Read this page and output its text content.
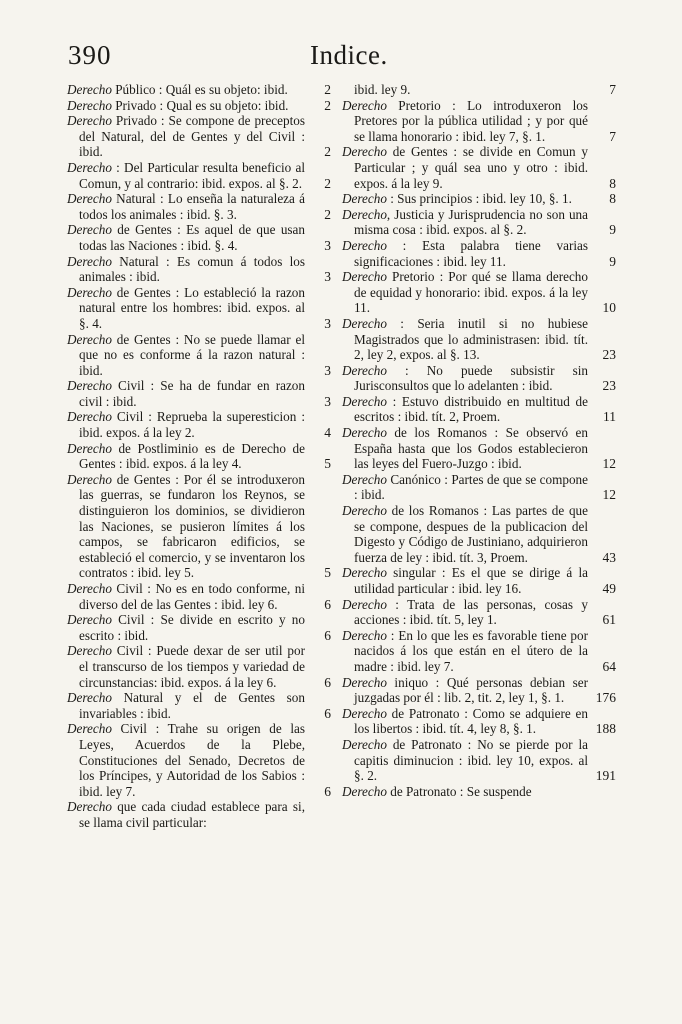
390	Indice.
Derecho Público : Quál es su objeto: ibid.	2
Derecho Privado : Qual es su objeto: ibid.	2
Derecho Privado : Se compone de preceptos del Natural, del de Gentes y del Civil : ibid.	2
Derecho : Del Particular resulta beneficio al Comun, y al contrario: ibid. expos. al §. 2.	2
Derecho Natural : Lo enseña la naturaleza á todos los animales : ibid. §. 3.	2
Derecho de Gentes : Es aquel de que usan todas las Naciones : ibid. §. 4.	3
Derecho Natural : Es comun á todos los animales : ibid.	3
Derecho de Gentes : Lo estableció la razon natural entre los hombres: ibid. expos. al §. 4.	3
Derecho de Gentes : No se puede llamar el que no es conforme á la razon natural : ibid.	3
Derecho Civil : Se ha de fundar en razon civil : ibid.	3
Derecho Civil : Reprueba la superesticion : ibid. expos. á la ley 2.	4
Derecho de Postliminio es de Derecho de Gentes : ibid. expos. á la ley 4.	5
Derecho de Gentes : Por él se introduxeron las guerras, se fundaron los Reynos, se distinguieron los dominios, se dividieron las Naciones, se pusieron límites á los campos, se fabricaron edificios, se estableció el comercio, y se inventaron los contratos : ibid. ley 5.	5
Derecho Civil : No es en todo conforme, ni diverso del de las Gentes : ibid. ley 6.	6
Derecho Civil : Se divide en escrito y no escrito : ibid.	6
Derecho Civil : Puede dexar de ser util por el transcurso de los tiempos y variedad de circunstancias: ibid. expos. á la ley 6.	6
Derecho Natural y el de Gentes son invariables : ibid.	6
Derecho Civil : Trahe su origen de las Leyes, Acuerdos de la Plebe, Constituciones del Senado, Decretos de los Príncipes, y Autoridad de los Sabios : ibid. ley 7.	6
Derecho que cada ciudad establece para si, se llama civil particular:
ibid. ley 9.	7
Derecho Pretorio : Lo introduxeron los Pretores por la pública utilidad ; y por qué se llama honorario : ibid. ley 7, §. 1.	7
Derecho de Gentes : se divide en Comun y Particular ; y quál sea uno y otro : ibid. expos. á la ley 9.	8
Derecho : Sus principios : ibid. ley 10, §. 1.	8
Derecho, Justicia y Jurisprudencia no son una misma cosa : ibid. expos. al §. 2.	9
Derecho : Esta palabra tiene varias significaciones : ibid. ley 11.	9
Derecho Pretorio : Por qué se llama derecho de equidad y honorario: ibid. expos. á la ley 11.	10
Derecho : Seria inutil si no hubiese Magistrados que lo administrasen: ibid. tít. 2, ley 2, expos. al §. 13.	23
Derecho : No puede subsistir sin Jurisconsultos que lo adelanten : ibid.	23
Derecho : Estuvo distribuido en multitud de escritos : ibid. tít. 2, Proem.	11
Derecho de los Romanos : Se observó en España hasta que los Godos establecieron las leyes del Fuero-Juzgo : ibid.	12
Derecho Canónico : Partes de que se compone : ibid.	12
Derecho de los Romanos : Las partes de que se compone, despues de la publicacion del Digesto y Código de Justiniano, adquirieron fuerza de ley : ibid. tít. 3, Proem.	43
Derecho singular : Es el que se dirige á la utilidad particular : ibid. ley 16.	49
Derecho : Trata de las personas, cosas y acciones : ibid. tít. 5, ley 1.	61
Derecho : En lo que les es favorable tiene por nacidos á los que están en el útero de la madre : ibid. ley 7.	64
Derecho iniquo : Qué personas debian ser juzgadas por él : lib. 2, tit. 2, ley 1, §. 1.	176
Derecho de Patronato : Como se adquiere en los libertos : ibid. tít. 4, ley 8, §. 1.	188
Derecho de Patronato : No se pierde por la capitis diminucion : ibid. ley 10, expos. al §. 2.	191
Derecho de Patronato : Se suspende
